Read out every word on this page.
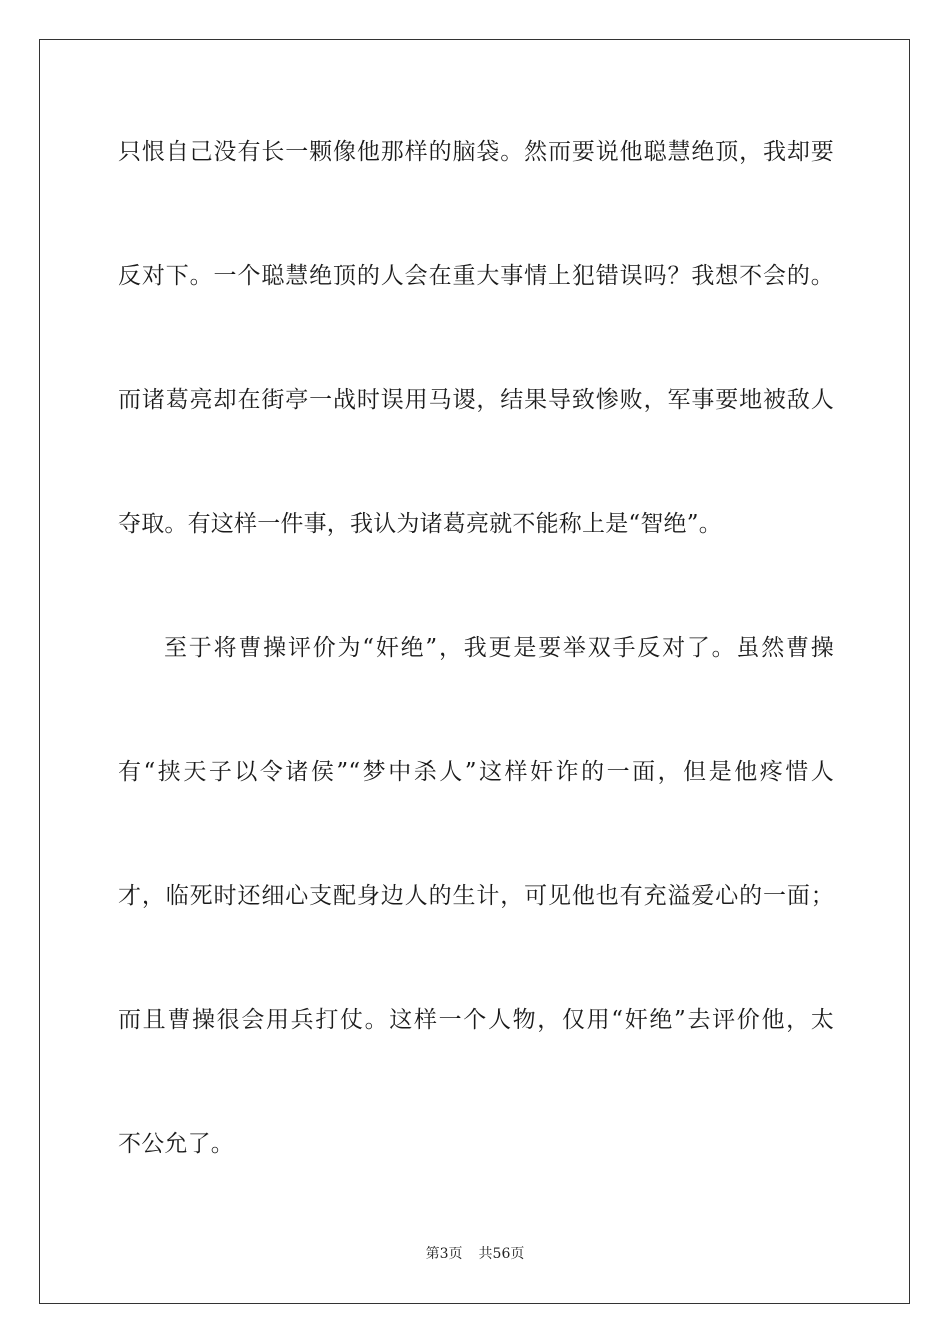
只恨自己没有长一颗像他那样的脑袋。然而要说他聪慧绝顶，我却要
反对下。一个聪慧绝顶的人会在重大事情上犯错误吗？我想不会的。
而诸葛亮却在街亭一战时误用马谡，结果导致惨败，军事要地被敌人
夺取。有这样一件事，我认为诸葛亮就不能称上是“智绝”。
至于将曹操评价为“奸绝”，我更是要举双手反对了。虽然曹操
有“挟天子以令诸侯”“梦中杀人”这样奸诈的一面，但是他疼惜人
才，临死时还细心支配身边人的生计，可见他也有充溢爱心的一面；
而且曹操很会用兵打仗。这样一个人物，仅用“奸绝”去评价他，太
不公允了。
第3页 共56页
